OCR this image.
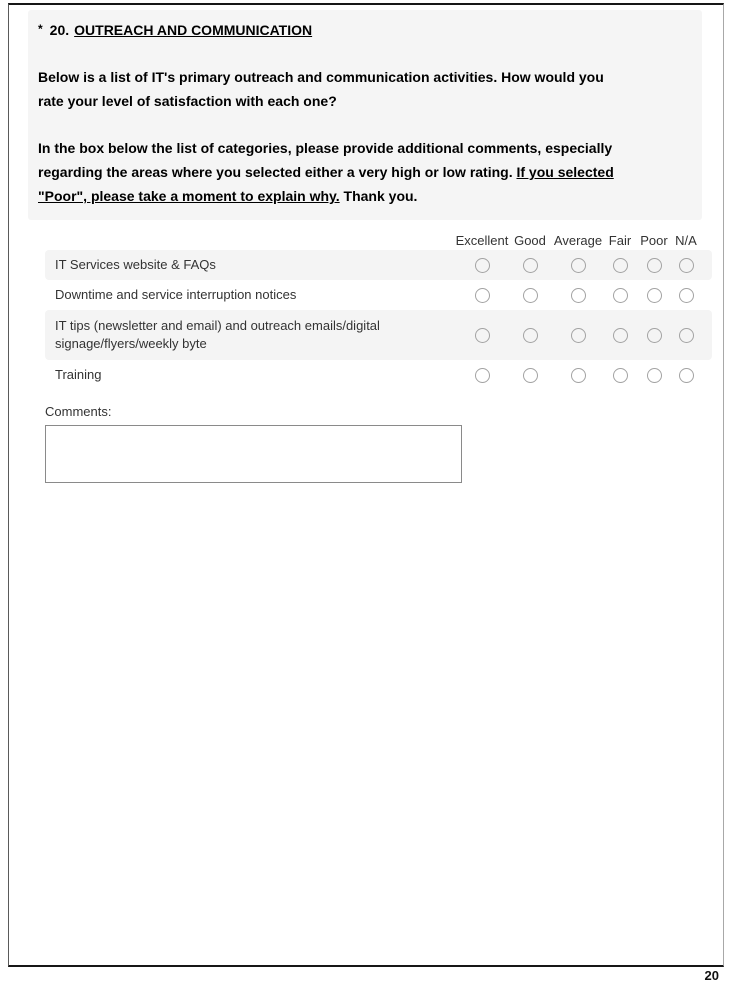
* 20. OUTREACH AND COMMUNICATION
Below is a list of IT's primary outreach and communication activities. How would you
rate your level of satisfaction with each one?
In the box below the list of categories, please provide additional comments, especially
regarding the areas where you selected either a very high or low rating. If you selected
"Poor", please take a moment to explain why. Thank you.
Excellent Good Average Fair Poor N/A
IT Services website & FAQs
Downtime and service interruption notices
IT tips (newsletter and email) and outreach emails/digital signage/flyers/weekly byte
Training
Comments:
20
